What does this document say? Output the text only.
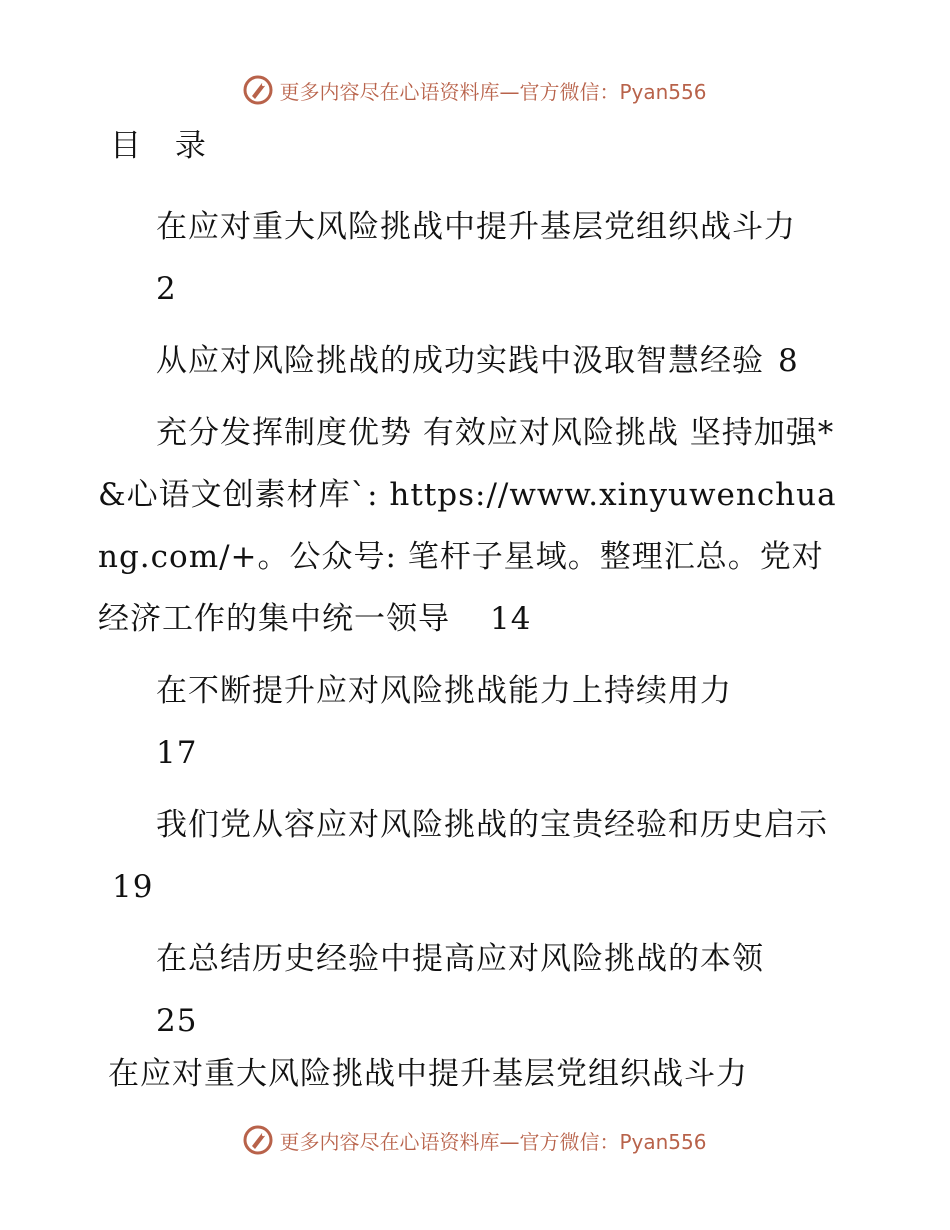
更多内容尽在心语资料库—官方微信：Pyan556
目 录
在应对重大风险挑战中提升基层党组织战斗力
2
从应对风险挑战的成功实践中汲取智慧经验 8
充分发挥制度优势 有效应对风险挑战 坚持加强*&心语文创素材库`: https://www.xinyuwenchuang.com/+。公众号: 笔杆子星域。整理汇总。党对经济工作的集中统一领导 14
在不断提升应对风险挑战能力上持续用力
17
我们党从容应对风险挑战的宝贵经验和历史启示19
在总结历史经验中提高应对风险挑战的本领
25
在应对重大风险挑战中提升基层党组织战斗力
更多内容尽在心语资料库—官方微信：Pyan556
